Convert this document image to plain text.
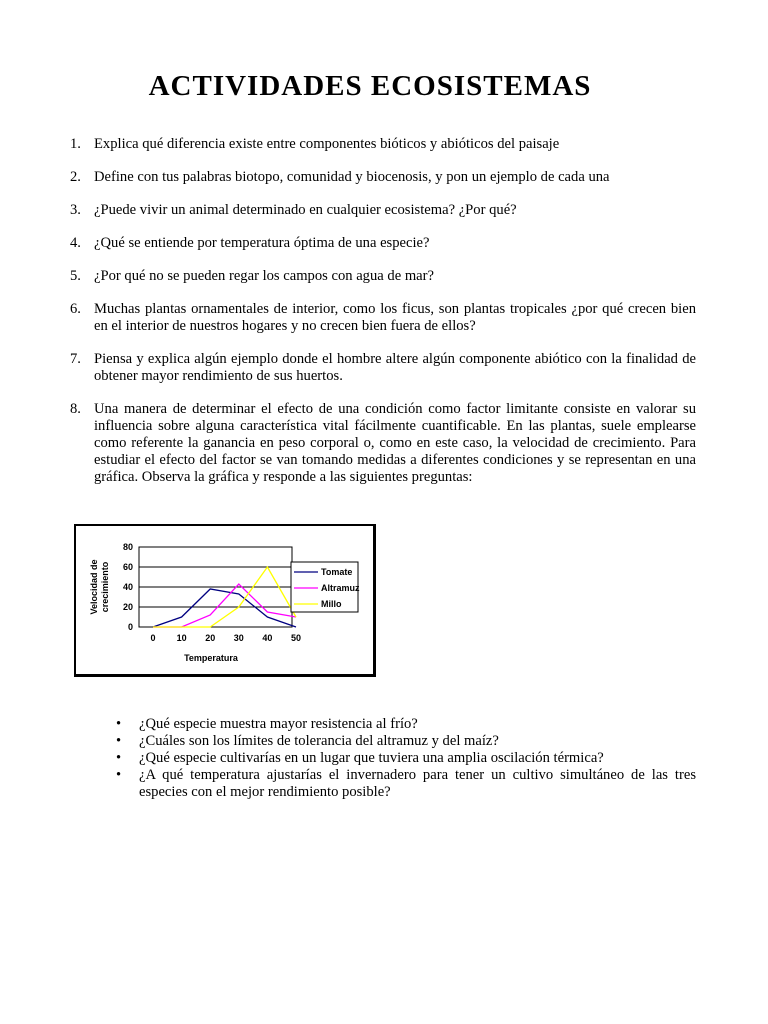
ACTIVIDADES ECOSISTEMAS
1. Explica qué diferencia existe entre componentes bióticos y abióticos del paisaje
2. Define con tus palabras biotopo, comunidad y biocenosis, y pon un ejemplo de cada una
3. ¿Puede vivir un animal determinado en cualquier ecosistema? ¿Por qué?
4. ¿Qué se entiende por temperatura óptima de una especie?
5. ¿Por qué no se pueden regar los campos con agua de mar?
6. Muchas plantas ornamentales de interior, como los ficus, son plantas tropicales ¿por qué crecen bien en el interior de nuestros hogares y no crecen bien fuera de ellos?
7. Piensa y explica algún ejemplo donde el hombre altere algún componente abiótico con la finalidad de obtener mayor rendimiento de sus huertos.
8. Una manera de determinar el efecto de una condición como factor limitante consiste en valorar su influencia sobre alguna característica vital fácilmente cuantificable. En las plantas, suele emplearse como referente la ganancia en peso corporal o, como en este caso, la velocidad de crecimiento. Para estudiar el efecto del factor se van tomando medidas a diferentes condiciones y se representan en una gráfica. Observa la gráfica y responde a las siguientes preguntas:
0
20
40
60
80
0 10 20 30 40 50
Temperatura
Velocidad de crecimiento	Tomate
Altramuz
Millo
• ¿Qué especie muestra mayor resistencia al frío?
• ¿Cuáles son los límites de tolerancia del altramuz y del maíz?
• ¿Qué especie cultivarías en un lugar que tuviera una amplia oscilación térmica?
• ¿A qué temperatura ajustarías el invernadero para tener un cultivo simultáneo de las tres especies con el mejor rendimiento posible?
